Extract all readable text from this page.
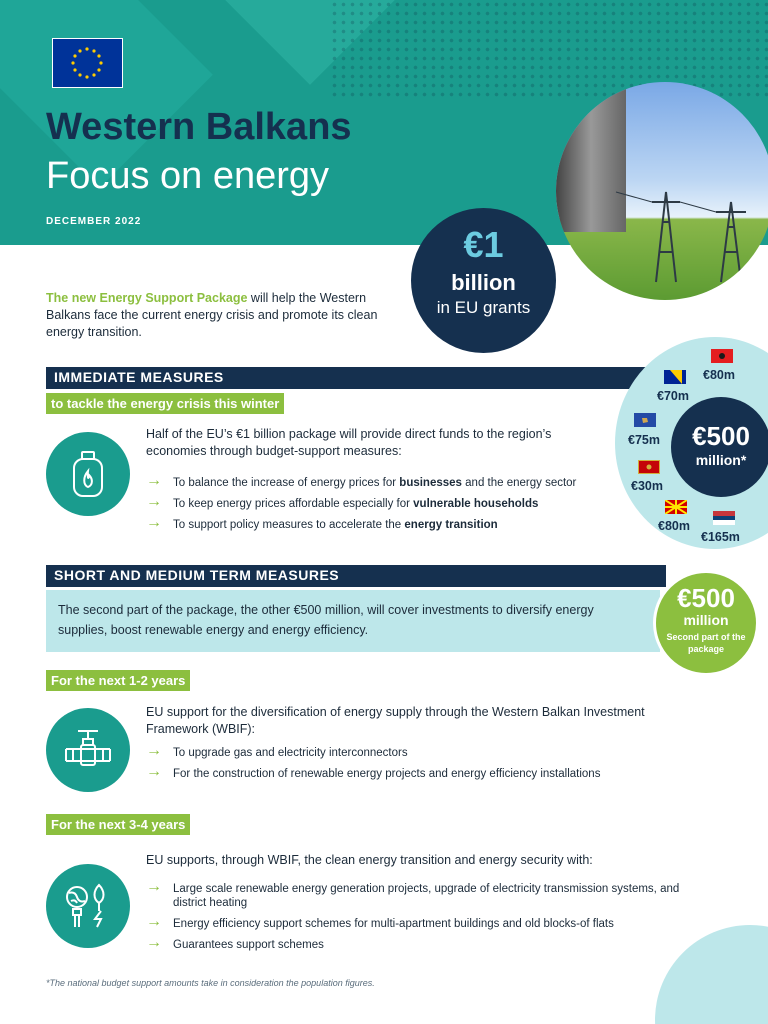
Western Balkans
Focus on energy
DECEMBER 2022
€1
billion
in EU grants
The new Energy Support Package will help the Western Balkans face the current energy crisis and promote its clean energy transition.
IMMEDIATE MEASURES
to tackle the energy crisis this winter
Half of the EU’s €1 billion package will provide direct funds to the region’s economies through budget-support measures:
→ To balance the increase of energy prices for businesses and the energy sector
→ To keep energy prices affordable especially for vulnerable households
→ To support policy measures to accelerate the energy transition
€80m
€70m
€75m
€30m
€80m
€165m
€500
million*
SHORT AND MEDIUM TERM MEASURES
The second part of the package, the other €500 million, will cover investments to diversify energy supplies, boost renewable energy and energy efficiency.
€500
million
Second part of the package
For the next 1-2 years
EU support for the diversification of energy supply through the Western Balkan Investment Framework (WBIF):
→ To upgrade gas and electricity interconnectors
→ For the construction of renewable energy projects and energy efficiency installations
For the next 3-4 years
EU supports, through WBIF, the clean energy transition and energy security with:
→ Large scale renewable energy generation projects, upgrade of electricity transmission systems, and district heating
→ Energy efficiency support schemes for multi-apartment buildings and old blocks-of flats
→ Guarantees support schemes
*The national budget support amounts take in consideration the population figures.
